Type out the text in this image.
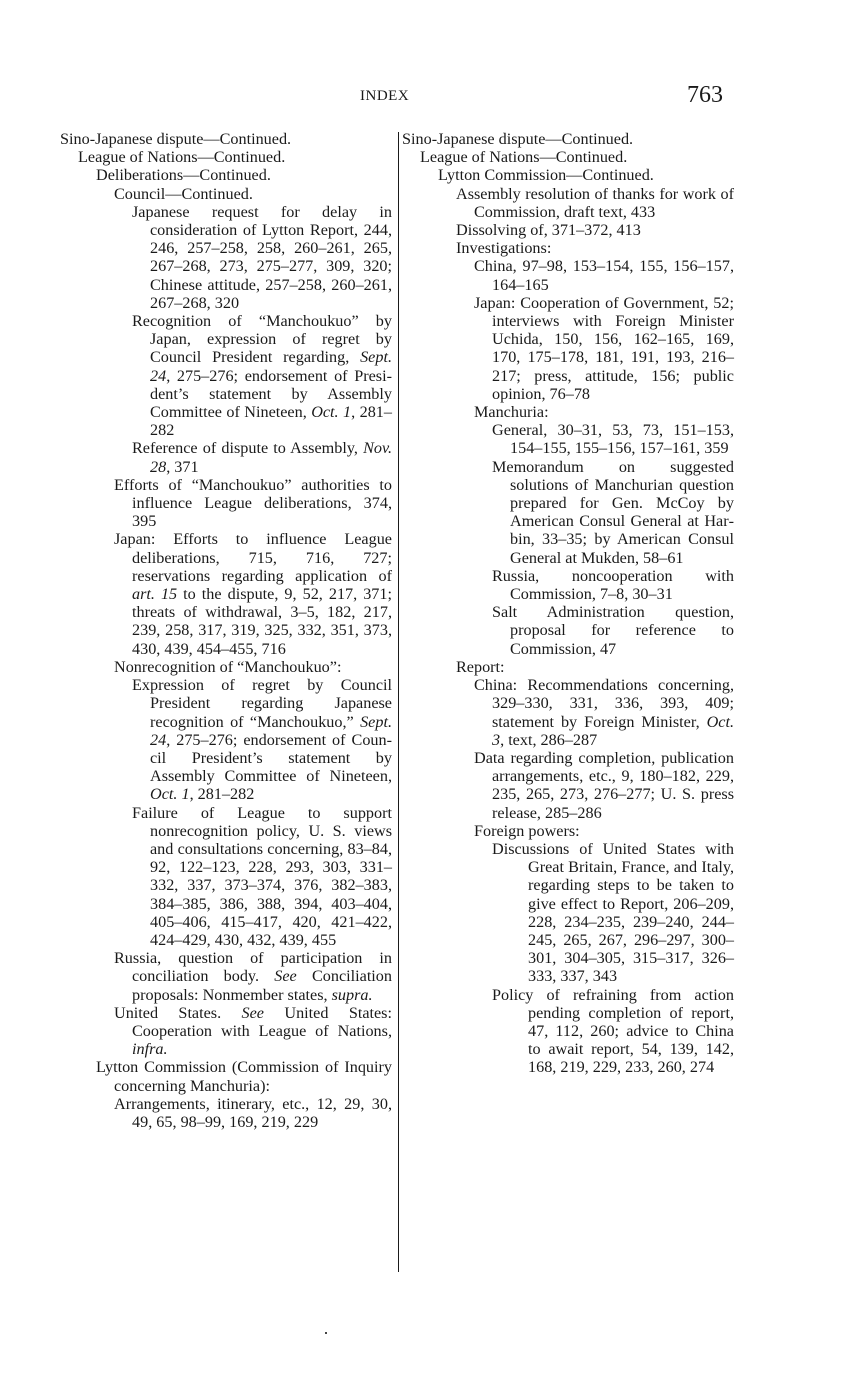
INDEX	763
Sino-Japanese dispute—Continued.
League of Nations—Continued.
Deliberations—Continued.
Council—Continued.
Japanese request for delay in consideration of Lytton Report, 244, 246, 257–258, 258, 260–261, 265, 267–268, 273, 275–277, 309, 320; Chinese attitude, 257–258, 260–261, 267–268, 320
Recognition of “Manchoukuo” by Japan, expression of regret by Council President regarding, Sept. 24, 275–276; endorsement of President’s statement by Assembly Committee of Nineteen, Oct. 1, 281–282
Reference of dispute to Assembly, Nov. 28, 371
Efforts of “Manchoukuo” authorities to influence League deliberations, 374, 395
Japan: Efforts to influence League deliberations, 715, 716, 727; reservations regarding application of art. 15 to the dispute, 9, 52, 217, 371; threats of withdrawal, 3–5, 182, 217, 239, 258, 317, 319, 325, 332, 351, 373, 430, 439, 454–455, 716
Nonrecognition of “Manchoukuo”:
Expression of regret by Council President regarding Japanese recognition of “Manchoukuo,” Sept. 24, 275–276; endorsement of Council President’s statement by Assembly Committee of Nineteen, Oct. 1, 281–282
Failure of League to support nonrecognition policy, U. S. views and consultations concerning, 83–84, 92, 122–123, 228, 293, 303, 331–332, 337, 373–374, 376, 382–383, 384–385, 386, 388, 394, 403–404, 405–406, 415–417, 420, 421–422, 424–429, 430, 432, 439, 455
Russia, question of participation in conciliation body. See Conciliation proposals: Nonmember states, supra.
United States. See United States: Cooperation with League of Nations, infra.
Lytton Commission (Commission of Inquiry concerning Manchuria):
Arrangements, itinerary, etc., 12, 29, 30, 49, 65, 98–99, 169, 219, 229
Sino-Japanese dispute—Continued.
League of Nations—Continued.
Lytton Commission—Continued.
Assembly resolution of thanks for work of Commission, draft text, 433
Dissolving of, 371–372, 413
Investigations:
China, 97–98, 153–154, 155, 156–157, 164–165
Japan: Cooperation of Government, 52; interviews with Foreign Minister Uchida, 150, 156, 162–165, 169, 170, 175–178, 181, 191, 193, 216–217; press, attitude, 156; public opinion, 76–78
Manchuria:
General, 30–31, 53, 73, 151–153, 154–155, 155–156, 157–161, 359
Memorandum on suggested solutions of Manchurian question prepared for Gen. McCoy by American Consul General at Harbin, 33–35; by American Consul General at Mukden, 58–61
Russia, noncooperation with Commission, 7–8, 30–31
Salt Administration question, proposal for reference to Commission, 47
Report:
China: Recommendations concerning, 329–330, 331, 336, 393, 409; statement by Foreign Minister, Oct. 3, text, 286–287
Data regarding completion, publication arrangements, etc., 9, 180–182, 229, 235, 265, 273, 276–277; U. S. press release, 285–286
Foreign powers:
Discussions of United States with Great Britain, France, and Italy, regarding steps to be taken to give effect to Report, 206–209, 228, 234–235, 239–240, 244–245, 265, 267, 296–297, 300–301, 304–305, 315–317, 326–333, 337, 343
Policy of refraining from action pending completion of report, 47, 112, 260; advice to China to await report, 54, 139, 142, 168, 219, 229, 233, 260, 274
